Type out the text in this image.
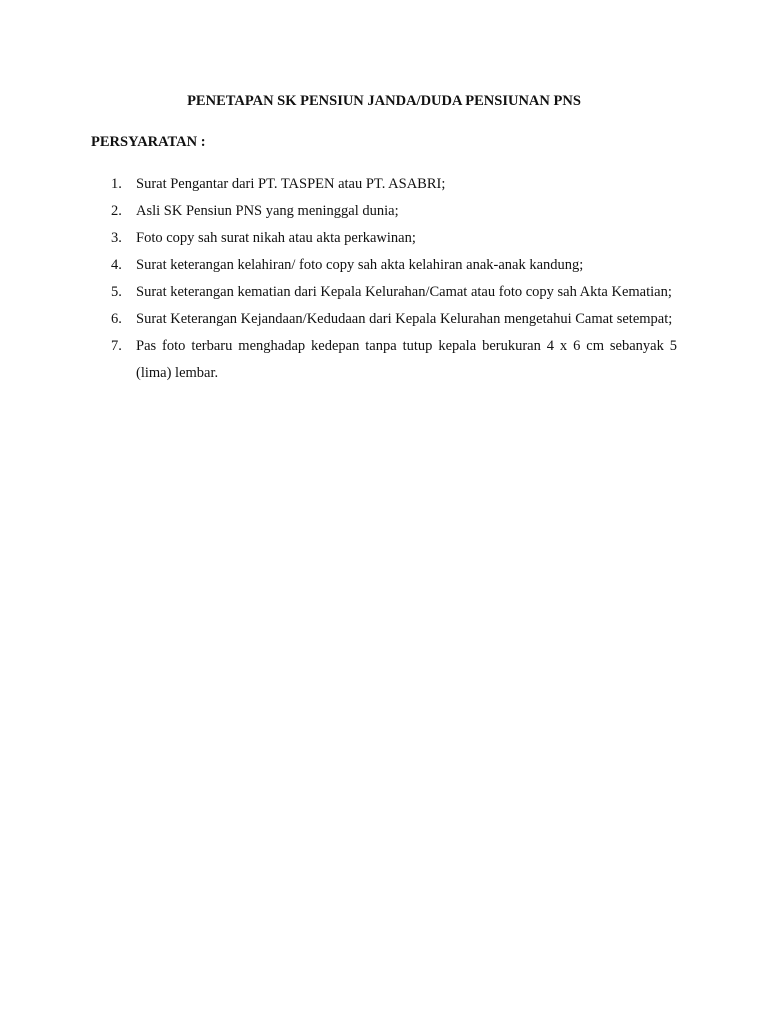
PENETAPAN SK PENSIUN JANDA/DUDA PENSIUNAN PNS
PERSYARATAN :
1. Surat Pengantar dari PT. TASPEN atau PT. ASABRI;
2. Asli SK Pensiun PNS yang meninggal dunia;
3. Foto copy sah surat nikah atau akta perkawinan;
4. Surat keterangan kelahiran/ foto copy sah akta kelahiran anak-anak kandung;
5. Surat keterangan kematian dari Kepala Kelurahan/Camat atau foto copy sah Akta Kematian;
6. Surat Keterangan Kejandaan/Kedudaan dari Kepala Kelurahan mengetahui Camat setempat;
7. Pas foto terbaru menghadap kedepan tanpa tutup kepala berukuran 4 x 6 cm sebanyak 5 (lima) lembar.
